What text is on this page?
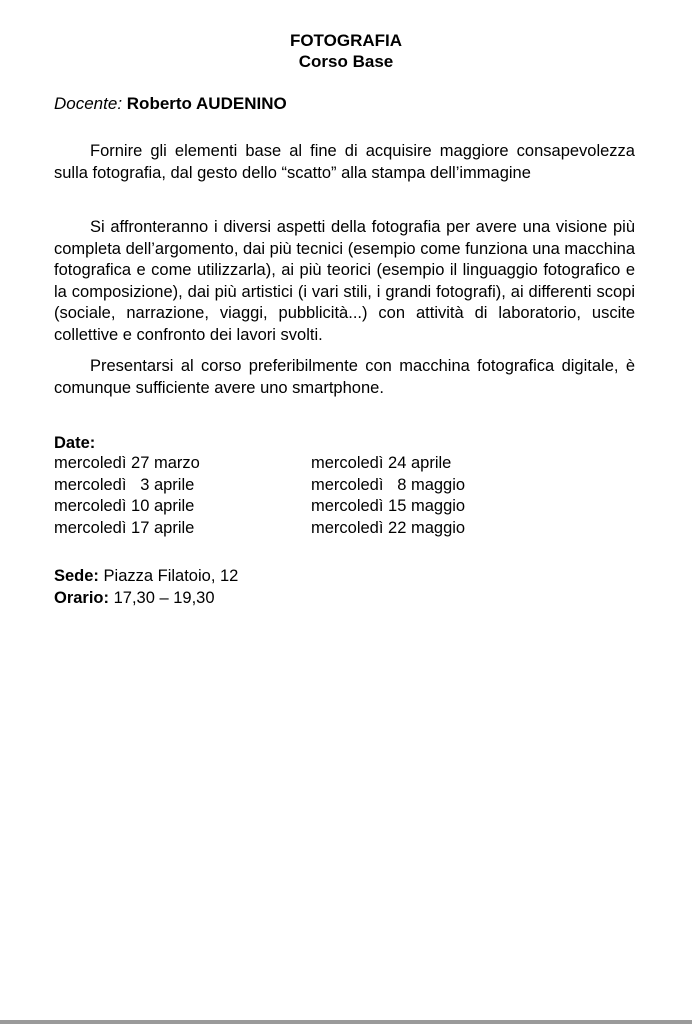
FOTOGRAFIA
Corso Base
Docente: Roberto AUDENINO

Fornire gli elementi base al fine di acquisire maggiore consapevolezza sulla fotografia, dal gesto dello “scatto” alla stampa dell’immagine

Si affronteranno i diversi aspetti della fotografia per avere una visione più completa dell’argomento, dai più tecnici (esempio come funziona una macchina fotografica e come utilizzarla), ai più teorici (esempio il linguaggio fotografico e la composizione), dai più artistici (i vari stili, i grandi fotografi), ai differenti scopi (sociale, narrazione, viaggi, pubblicità...) con attività di laboratorio, uscite collettive e confronto dei lavori svolti.

Presentarsi al corso preferibilmente con macchina fotografica digitale, è comunque sufficiente avere uno smartphone.

Date:
mercoledì 27 marzo
mercoledì   3 aprile
mercoledì 10 aprile
mercoledì 17 aprile
mercoledì 24 aprile
mercoledì   8 maggio
mercoledì 15 maggio
mercoledì 22 maggio
Sede: Piazza Filatoio, 12
Orario: 17,30 – 19,30
